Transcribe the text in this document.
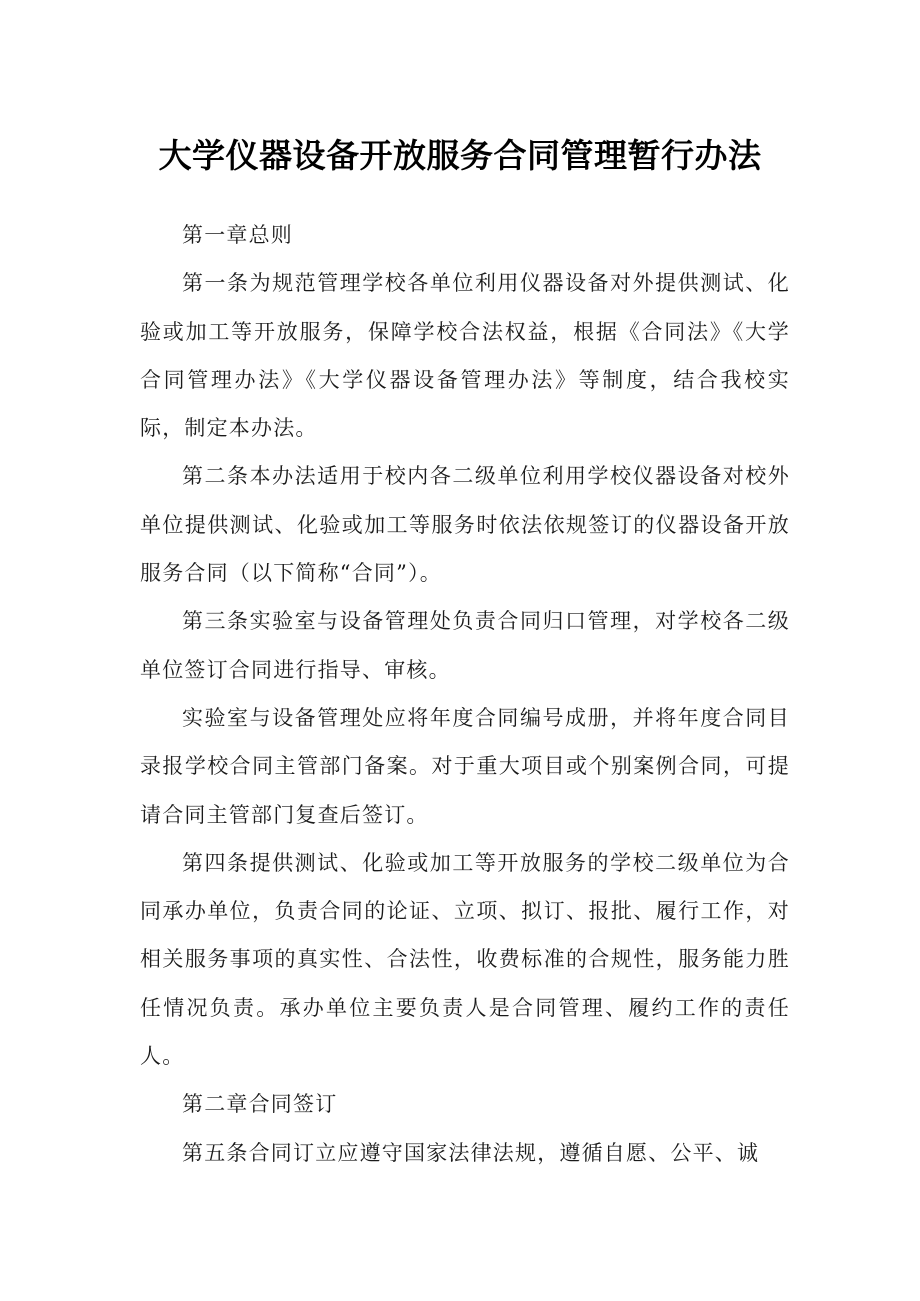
大学仪器设备开放服务合同管理暂行办法

第一章总则

第一条为规范管理学校各单位利用仪器设备对外提供测试、化验或加工等开放服务，保障学校合法权益，根据《合同法》《大学合同管理办法》《大学仪器设备管理办法》等制度，结合我校实际，制定本办法。

第二条本办法适用于校内各二级单位利用学校仪器设备对校外单位提供测试、化验或加工等服务时依法依规签订的仪器设备开放服务合同（以下简称“合同”）。

第三条实验室与设备管理处负责合同归口管理，对学校各二级单位签订合同进行指导、审核。

实验室与设备管理处应将年度合同编号成册，并将年度合同目录报学校合同主管部门备案。对于重大项目或个别案例合同，可提请合同主管部门复查后签订。

第四条提供测试、化验或加工等开放服务的学校二级单位为合同承办单位，负责合同的论证、立项、拟订、报批、履行工作，对相关服务事项的真实性、合法性，收费标准的合规性，服务能力胜任情况负责。承办单位主要负责人是合同管理、履约工作的责任人。

第二章合同签订

第五条合同订立应遵守国家法律法规，遵循自愿、公平、诚
